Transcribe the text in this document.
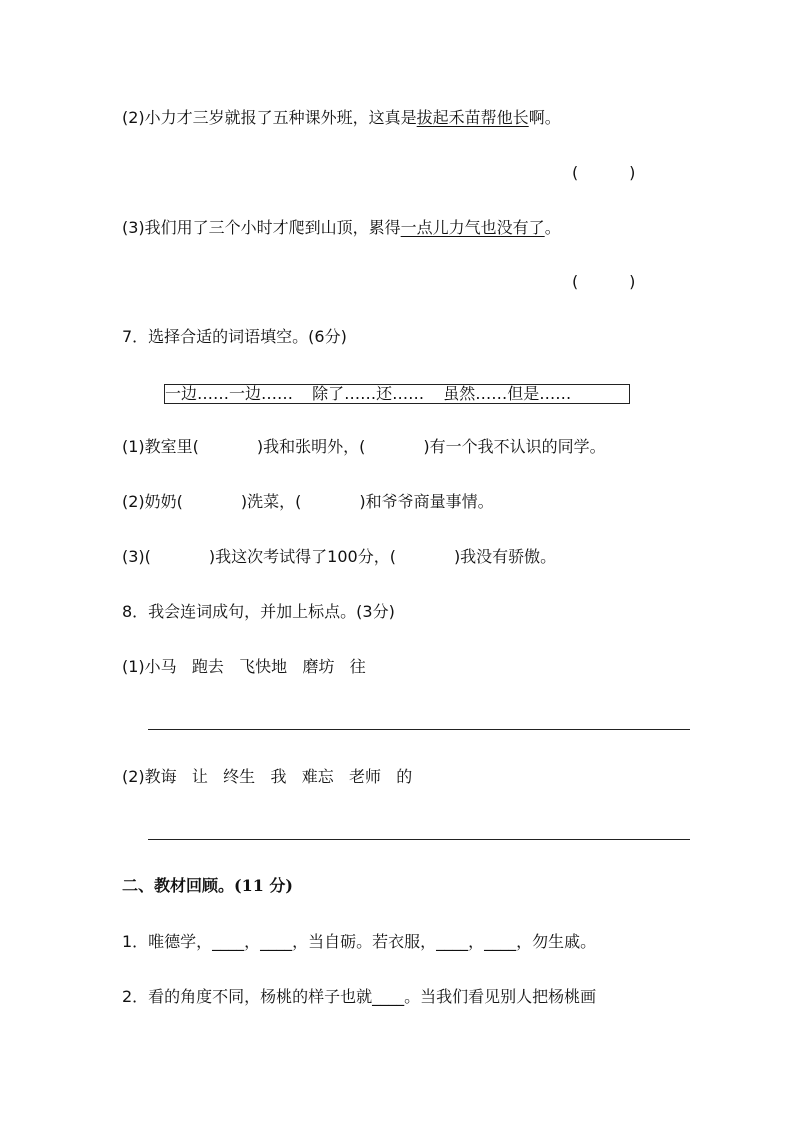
(2)小力才三岁就报了五种课外班，这真是拔起禾苗帮他长啊。
(          )
(3)我们用了三个小时才爬到山顶，累得一点儿力气也没有了。
(          )
7．选择合适的词语填空。(6分)
一边……一边…… 除了……还…… 虽然……但是……
(1)教室里(	)我和张明外，(	)有一个我不认识的同学。
(2)奶奶(	)洗菜，(	)和爷爷商量事情。
(3)(	)我这次考试得了100分，(	)我没有骄傲。
8．我会连词成句，并加上标点。(3分)
(1)小马   跑去   飞快地   磨坊   往
(2)教诲   让   终生   我   难忘   老师   的
二、教材回顾。(11 分)
1．唯德学，____，____，当自砺。若衣服，____，____，勿生戚。
2．看的角度不同，杨桃的样子也就____。当我们看见别人把杨桃画
